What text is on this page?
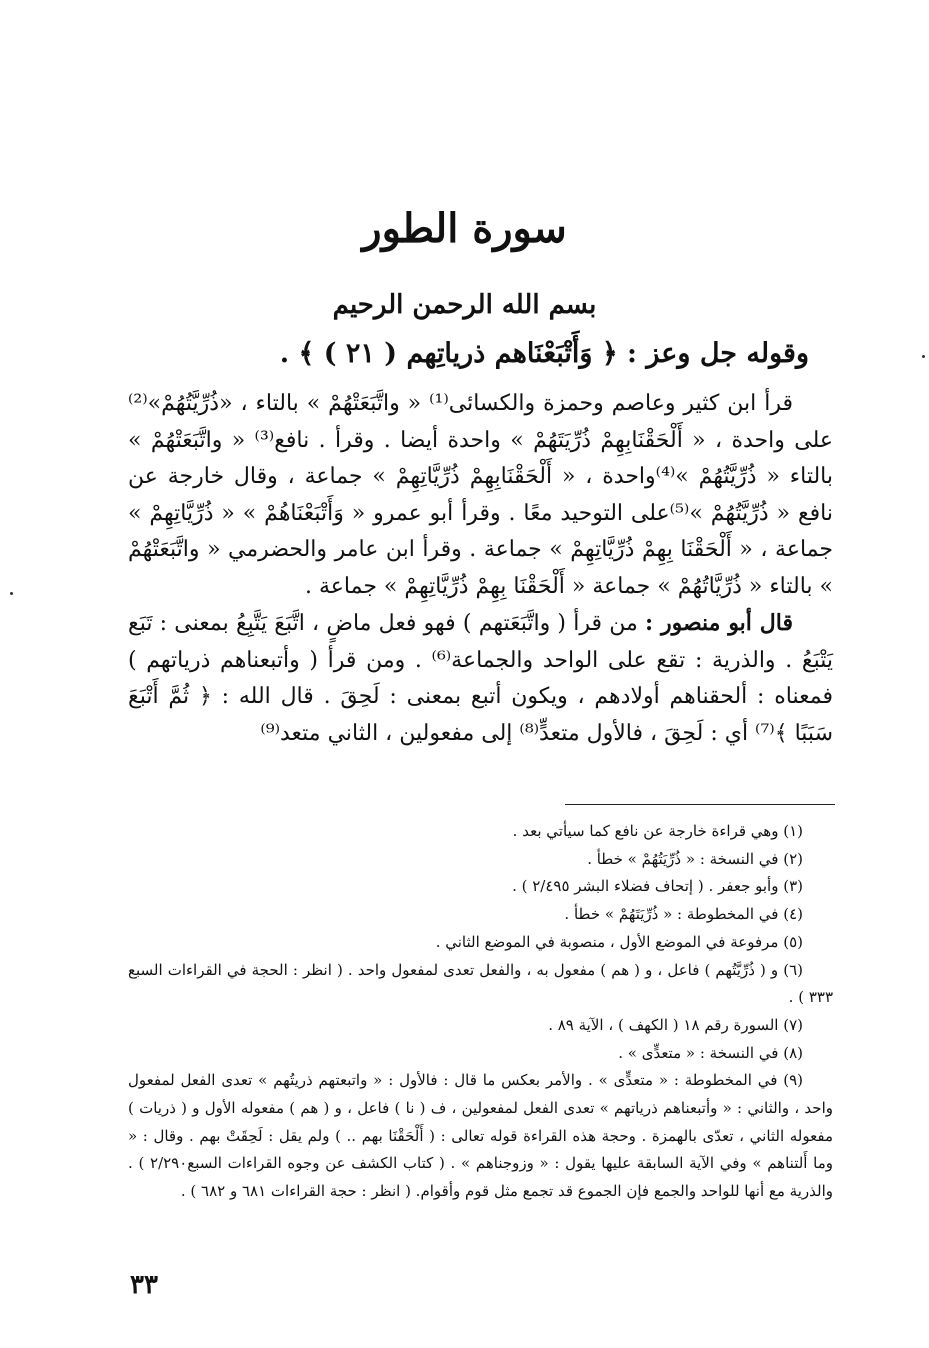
سورة الطور
بسم الله الرحمن الرحيم
وقوله جل وعز : ﴿ وَأَتْبَعْنَاهم ذرياتِهم ( ٢١ ) ﴾ .

قرأ ابن كثير وعاصم وحمزة والكسائى⁽¹⁾ « واتَّبَعَتْهُمْ » بالتاء ، «ذُرِّيَّتُهُمْ»⁽²⁾ على واحدة ، « أَلْحَقْنَابِهِمْ ذُرِّيَتَهُمْ » واحدة أيضا . وقرأ . نافع⁽³⁾ « واتَّبَعَتْهُمْ » بالتاء « ذُرِّيَّتُهُمْ »⁽⁴⁾واحدة ، « أَلْحَقْنَابِهِمْ ذُرِّيَّاتِهِمْ » جماعة ، وقال خارجة عن نافع « ذُرِّيَّتُهُمْ »⁽⁵⁾على التوحيد معًا . وقرأ أبو عمرو « وَأَتْبَعْنَاهُمْ » « ذُرِّيَّاتِهِمْ » جماعة ، « أَلْحَقْنَا بِهِمْ ذُرِّيَّاتِهِمْ » جماعة . وقرأ ابن عامر والحضرمي « واتَّبَعَتْهُمْ » بالتاء « ذُرِّيَّاتُهُمْ » جماعة « أَلْحَقْنَا بِهِمْ ذُرِّيَّاتِهِمْ » جماعة .

قال أبو منصور : من قرأ ( واتَّبَعَتهم ) فهو فعل ماضٍ ، اتَّبَعَ يَتَّبِعُ بمعنى : تَبَع يَتْبَعُ . والذرية : تقع على الواحد والجماعة⁽⁶⁾ . ومن قرأ ( وأتبعناهم ذرياتهم ) فمعناه : ألحقناهم أولادهم ، ويكون أتبع بمعنى : لَحِقَ . قال الله : ﴿ ثُمَّ أَتْبَعَ سَبَبًا ﴾⁽⁷⁾ أي : لَحِقَ ، فالأول متعدٍّ⁽⁸⁾ إلى مفعولين ، الثاني متعد⁽⁹⁾

(١) وهي قراءة خارجة عن نافع كما سيأتي بعد .

(٢) في النسخة : « ذُرِّيَتُهُمْ » خطأ .

(٣) وأبو جعفر . ( إتحاف فضلاء البشر ٢/٤٩٥ ) .

(٤) في المخطوطة : « ذُرِّيَتَهُمْ » خطأ .

(٥) مرفوعة في الموضع الأول ، منصوبة في الموضع الثاني .

(٦) و ( ذُرِّيَّتُهم ) فاعل ، و ( هم ) مفعول به ، والفعل تعدى لمفعول واحد . ( انظر : الحجة في القراءات السبع ٣٣٣ ) .

(٧) السورة رقم ١٨ ( الكهف ) ، الآية ٨٩ .

(٨) في النسخة : « متعدٍّى » .

(٩) في المخطوطة : « متعدٍّى » . والأمر بعكس ما قال : فالأول : « واتبعتهم ذريتُهم » تعدى الفعل لمفعول واحد ، والثاني : « وأتبعناهم ذرياتهم » تعدى الفعل لمفعولين ، ف ( نا ) فاعل ، و ( هم ) مفعوله الأول و ( ذريات ) مفعوله الثاني ، تعدّى بالهمزة . وحجة هذه القراءة قوله تعالى : ( أَلْحَقْنَا بهم .. ) ولم يقل : لَحِقَتْ بهم . وقال : « وما أَلتناهم » وفي الآية السابقة عليها يقول : « وزوجناهم » . ( كتاب الكشف عن وجوه القراءات السبع٢/٢٩٠ ) . والذرية مع أنها للواحد والجمع فإن الجموع قد تجمع مثل قوم وأقوام. ( انظر : حجة القراءات ٦٨١ و ٦٨٢ ) .

٣٣
